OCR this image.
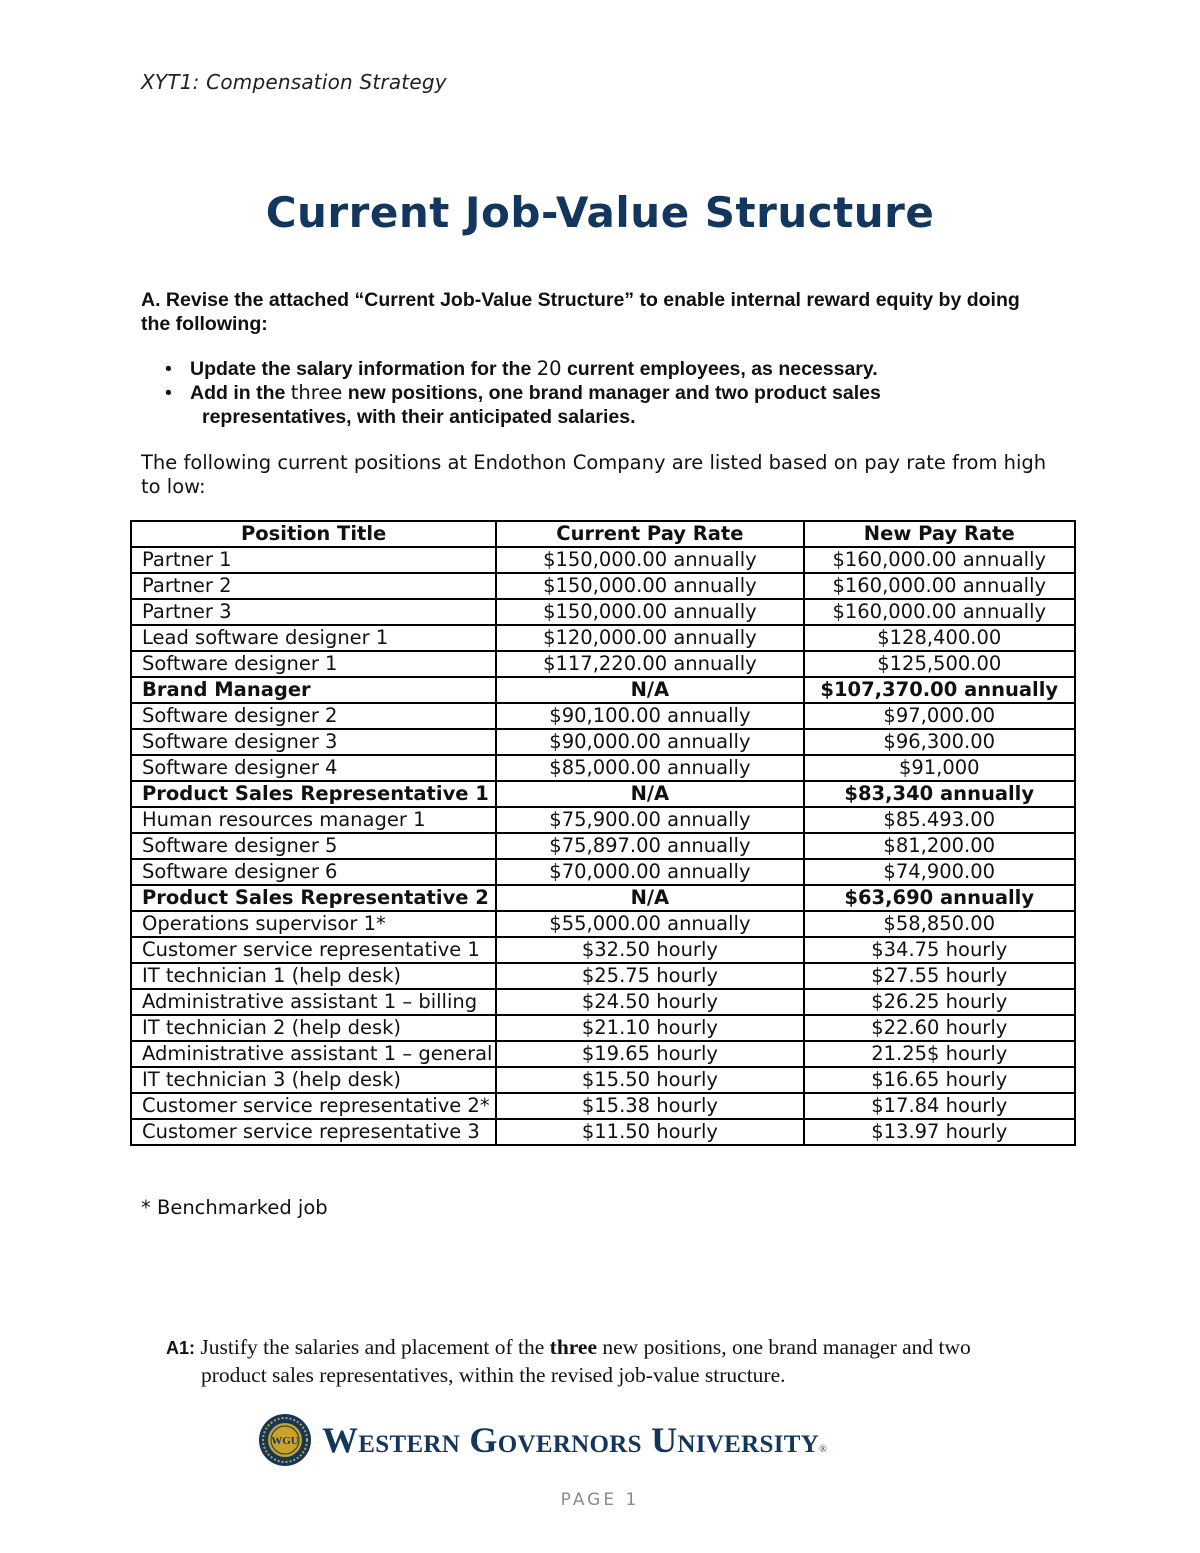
XYT1: Compensation Strategy
Current Job-Value Structure
A. Revise the attached “Current Job-Value Structure” to enable internal reward equity by doing the following:
• Update the salary information for the 20 current employees, as necessary.
• Add in the three new positions, one brand manager and two product sales
representatives, with their anticipated salaries.
The following current positions at Endothon Company are listed based on pay rate from high to low:
Position Title	Current Pay Rate	New Pay Rate
Partner 1	$150,000.00 annually	$160,000.00 annually
Partner 2	$150,000.00 annually	$160,000.00 annually
Partner 3	$150,000.00 annually	$160,000.00 annually
Lead software designer 1	$120,000.00 annually	$128,400.00
Software designer 1	$117,220.00 annually	$125,500.00
Brand Manager	N/A	$107,370.00 annually
Software designer 2	$90,100.00 annually	$97,000.00
Software designer 3	$90,000.00 annually	$96,300.00
Software designer 4	$85,000.00 annually	$91,000
Product Sales Representative 1	N/A	$83,340 annually
Human resources manager 1	$75,900.00 annually	$85.493.00
Software designer 5	$75,897.00 annually	$81,200.00
Software designer 6	$70,000.00 annually	$74,900.00
Product Sales Representative 2	N/A	$63,690 annually
Operations supervisor 1*	$55,000.00 annually	$58,850.00
Customer service representative 1	$32.50 hourly	$34.75 hourly
IT technician 1 (help desk)	$25.75 hourly	$27.55 hourly
Administrative assistant 1 – billing	$24.50 hourly	$26.25 hourly
IT technician 2 (help desk)	$21.10 hourly	$22.60 hourly
Administrative assistant 1 – general	$19.65 hourly	21.25$ hourly
IT technician 3 (help desk)	$15.50 hourly	$16.65 hourly
Customer service representative 2*	$15.38 hourly	$17.84 hourly
Customer service representative 3	$11.50 hourly	$13.97 hourly
* Benchmarked job
A1: Justify the salaries and placement of the three new positions, one brand manager and two
product sales representatives, within the revised job-value structure.
WGU Western Governors University®
PAGE 1
